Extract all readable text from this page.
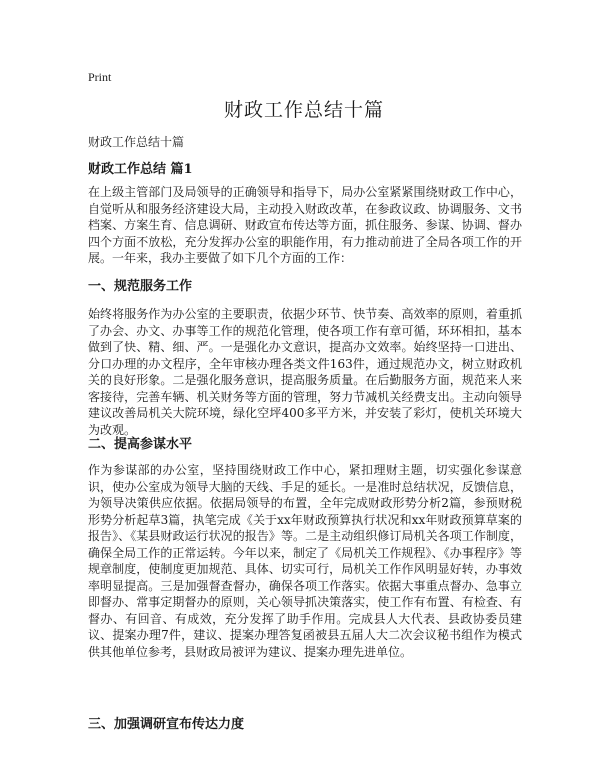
Print
财政工作总结十篇
财政工作总结十篇
财政工作总结 篇1

在上级主管部门及局领导的正确领导和指导下，局办公室紧紧围绕财政工作中心，自觉听从和服务经济建设大局，主动投入财政改革，在参政议政、协调服务、文书档案、方案生育、信息调研、财政宣布传达等方面，抓住服务、参谋、协调、督办四个方面不放松，充分发挥办公室的职能作用，有力推动前进了全局各项工作的开展。一年来，我办主要做了如下几个方面的工作：

一、规范服务工作

始终将服务作为办公室的主要职责，依据少环节、快节奏、高效率的原则，着重抓了办会、办文、办事等工作的规范化管理，使各项工作有章可循，环环相扣，基本做到了快、精、细、严。一是强化办文意识，提高办文效率。始终坚持一口进出、分口办理的办文程序，全年审核办理各类文件163件，通过规范办文，树立财政机关的良好形象。二是强化服务意识，提高服务质量。在后勤服务方面，规范来人来客接待，完善车辆、机关财务等方面的管理，努力节减机关经费支出。主动向领导建议改善局机关大院环境，绿化空坪400多平方米，并安装了彩灯，使机关环境大为改观。

二、提高参谋水平

作为参谋部的办公室，坚持围绕财政工作中心，紧扣理财主题，切实强化参谋意识，使办公室成为领导大脑的天线、手足的延长。一是准时总结状况，反馈信息，为领导决策供应依据。依据局领导的布置，全年完成财政形势分析2篇，参预财税形势分析起草3篇，执笔完成《关于xx年财政预算执行状况和xx年财政预算草案的报告》、《某县财政运行状况的报告》等。二是主动组织修订局机关各项工作制度，确保全局工作的正常运转。今年以来，制定了《局机关工作规程》、《办事程序》等规章制度，使制度更加规范、具体、切实可行，局机关工作作风明显好转，办事效率明显提高。三是加强督查督办，确保各项工作落实。依据大事重点督办、急事立即督办、常事定期督办的原则，关心领导抓决策落实，使工作有布置、有检查、有督办、有回音、有成效，充分发挥了助手作用。完成县人大代表、县政协委员建议、提案办理7件，建议、提案办理答复函被县五届人大二次会议秘书组作为模式供其他单位参考，县财政局被评为建议、提案办理先进单位。

三、加强调研宣布传达力度
